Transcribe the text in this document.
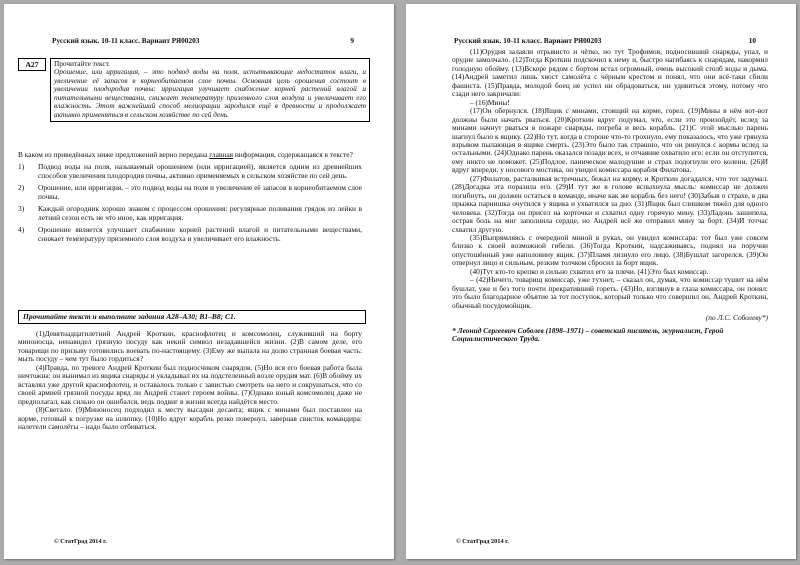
Русский язык. 10-11 класс. Вариант РЯ00203	9
А27	Прочитайте текст.
Орошение, или ирригация, – это подвод воды на поля, испытывающие недостаток влаги, и увеличение её запасов в корнеобитаемом слое почвы. Основная цель орошения состоит в увеличении плодородия почвы: ирригация улучшает снабжение корней растений влагой и питательными веществами, снижает температуру приземного слоя воздуха и увеличивает его влажность. Этот важнейший способ мелиорации зародился ещё в древности и продолжает активно применяться в сельском хозяйстве по сей день.
В каком из приведённых ниже предложений верно передана главная информация, содержащаяся в тексте?
1)	Подвод воды на поля, называемый орошением (или ирригацией), является одним из древнейших способов увеличения плодородия почвы, активно применяемых в сельском хозяйстве по сей день.
2)	Орошение, или ирригация, – это подвод воды на поля и увеличение её запасов в корнеобитаемом слое почвы.
3)	Каждый огородник хорошо знаком с процессом орошения: регулярные поливания грядок из лейки в летний сезон есть не что иное, как ирригация.
4)	Орошение является улучшает снабжение корней растений влагой и питательными веществами, снижает температуру приземного слоя воздуха и увеличивает его влажность.
Прочитайте текст и выполните задания А28–А30; В1–В8; С1.

(1)Девятнадцатилетний Андрей Кроткин, краснофлотец и комсомолец, служивший на борту миноносца, ненавидел грязную посуду как некий символ незадавшейся жизни. (2)В самом деле, его товарищи по призыву готовились воевать по-настоящему. (3)Ему же выпала на долю странная боевая часть: мыть посуду – чем тут было гордиться?

(4)Правда, по тревоге Андрей Кроткин был подносчиком снарядов. (5)Но вся его боевая работа была ничтожна: он вынимал из ящика снаряды и укладывал их на подстеленный возле орудия мат. (6)В обойму их вставлял уже другой краснофлотец, и оставалось только с завистью смотреть на него и сокрушаться, что со своей армией грязной посуды вряд ли Андрей станет героем войны. (7)Однако юный комсомолец даже не предполагал, как сильно он ошибался, ведь подвиг в жизни всегда найдётся место.

(8)Светало. (9)Миноносец подходил к месту высадки десанта; ящик с минами был поставлен на корме, готовый к погрузке на шлюпку. (10)Но вдруг корабль резко повернул, завернав свисток командира: налетели самолёты – надо было отбиваться.

© СтатГрад 2014 г.
Русский язык. 10-11 класс. Вариант РЯ00203	10

(11)Орудия залаяли отрывисто и чётко, но тут Трофимов, подносивший снаряды, упал, и орудие замолчало. (12)Тогда Кроткин подскочил к нему и, быстро нагибаясь к снарядам, накормил голодную обойму. (13)Вскоре рядом с бортом встал огромный, очень высокий столб воды и дыма. (14)Андрей заметил лишь хвост самолёта с чёрным крестом и понял, что они всё-таки сбили фашиста. (15)Правда, молодой боец не успел ни обрадоваться, ни удивиться этому, потому что сзади него закричали:

– (16)Мины!

(17)Он обернулся. (18)Ящик с минами, стоящий на корме, горел. (19)Мины в нём вот-вот должны были начать рваться. (20)Кроткин вдруг подумал, что, если это произойдёт, вслед за минами начнут рваться в пожаре снаряды, погреба и весь корабль. (21)С этой мыслью парень шагнул было к ящику. (22)Но тут, когда в стороне что-то грохнуло, ему показалось, что уже грянула взрывом пылающая в ящике смерть. (23)Это было так страшно, что он ринулся с кормы вслед за остальными. (24)Однако парень оказался позади всех, и отчаяние охватило его: если он отступится, ему никто не поможет. (25)Подлое, паническое малодушие и страх подогнули его колени. (26)И вдруг впереди, у носового мостика, он увидел комиссара корабля Филатова.

(27)Филатов, расталкивая встречных, бежал на корму, и Кроткин догадался, что тот задумал. (28)Догадка эта поразила его. (29)И тут же в голове вспыхнула мысль: комиссар не должен погибнуть, он должен остаться в команде, иначе как же корабль без него! (30)Забыв о страхе, в два прыжка парнишка очутился у ящика и ухватился за дно. (31)Ящик был слишком тяжёл для одного человека. (32)Тогда он присел на корточки и схватил одну горячую мину. (33)Ладонь зашипела, острая боль на миг заполнила сердце, но Андрей всё же отправил мину за борт. (34)И тотчас схватил другую.

(35)Выпрямляясь с очередной миной в руках, он увидел комиссара: тот был уже совсем близко к своей возможной гибели. (36)Тогда Кроткин, надсаживаясь, поднял на поручни опустошённый уже наполовину ящик. (37)Пламя лизнуло его лицо. (38)Бушлат загорелся. (39)Он отвернул лицо и сильным, резким толчком сбросил за борт ящик.

(40)Тут кто-то крепко и сильно схватил его за плечи. (41)Это был комиссар.

– (42)Ничего, товарищ комиссар, уже тухнет, – сказал он, думая, что комиссар тушит на нём бушлат, уже и без того почти прекративший гореть. (43)Но, взглянув в глаза комиссара, он понял: это было благодарное объятие за тот поступок, который только что совершил он, Андрей Кроткин, обычный посудомойщик.

(по Л.С. Соболеву*)
* Леонид Сергеевич Соболев (1898–1971) – советский писатель, журналист, Герой Социалистического Труда.
© СтатГрад 2014 г.
